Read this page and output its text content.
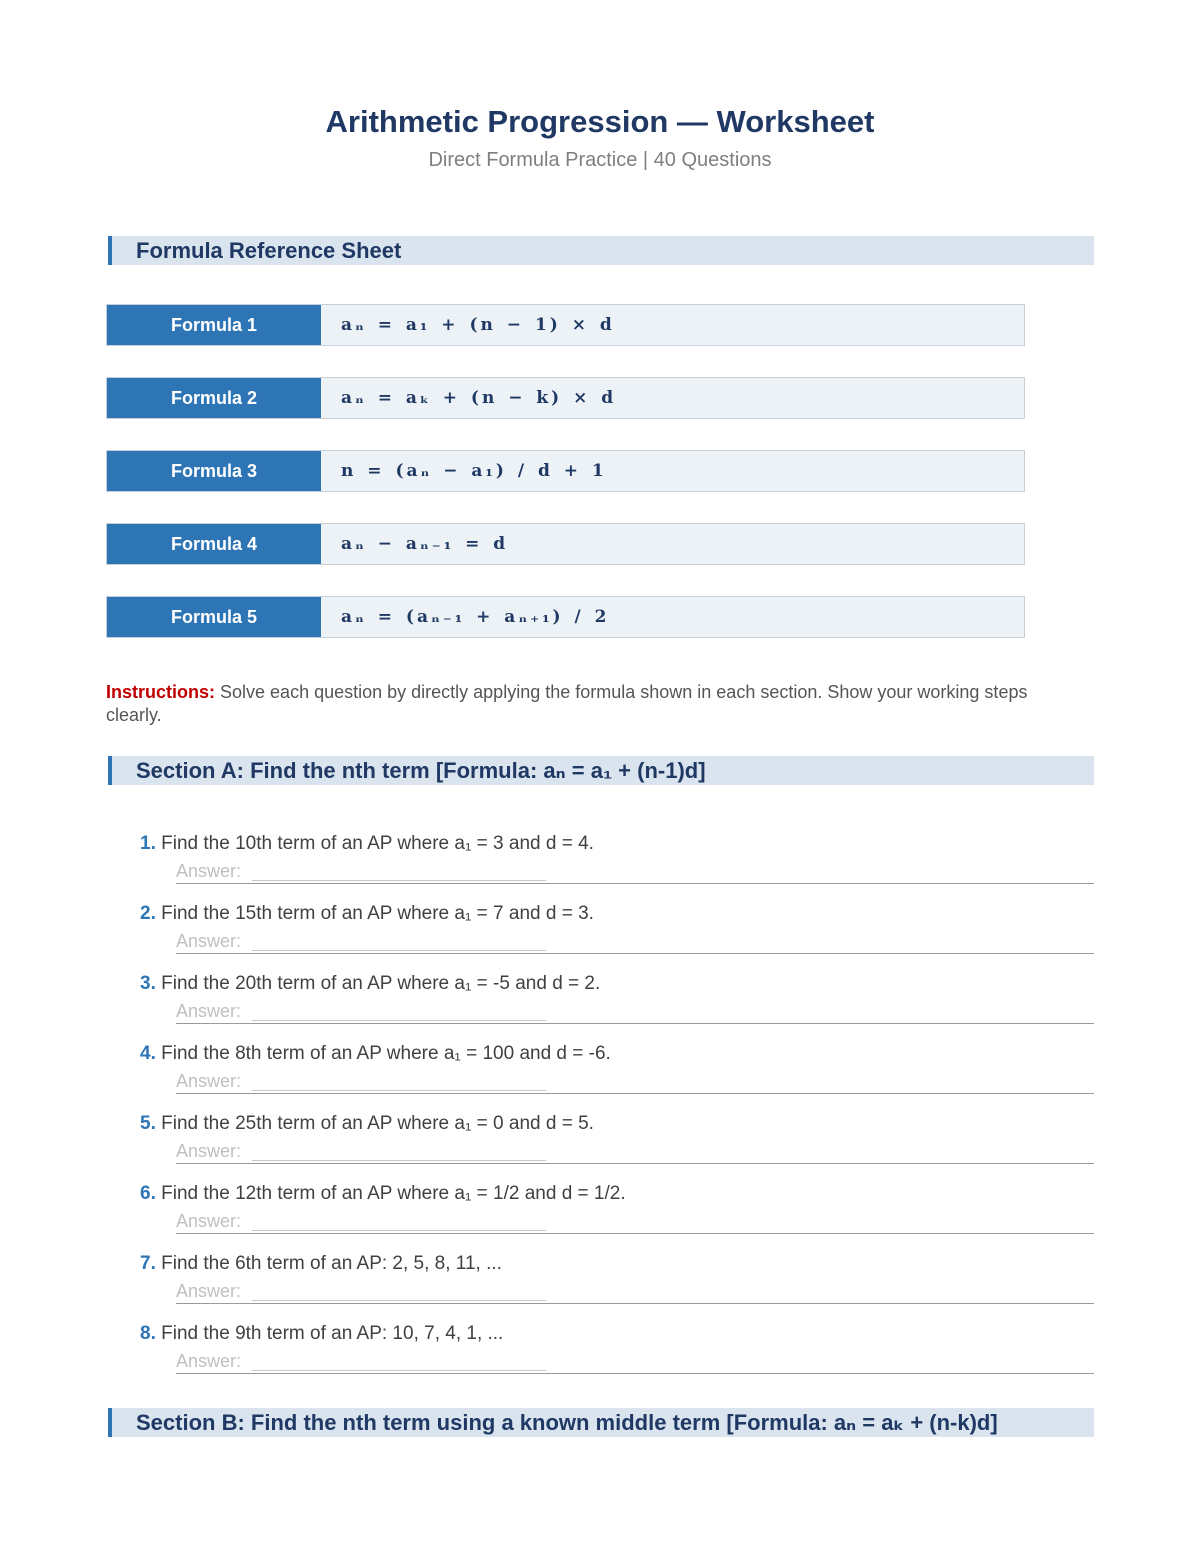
Arithmetic Progression — Worksheet
Direct Formula Practice | 40 Questions
Formula Reference Sheet
Formula 1	aₙ = a₁ + (n − 1) × d
Formula 2	aₙ = aₖ + (n − k) × d
Formula 3	n = (aₙ − a₁) / d + 1
Formula 4	aₙ − aₙ₋₁ = d
Formula 5	aₙ = (aₙ₋₁ + aₙ₊₁) / 2
Instructions: Solve each question by directly applying the formula shown in each section. Show your working steps clearly.
Section A: Find the nth term [Formula: aₙ = a₁ + (n-1)d]
1. Find the 10th term of an AP where a₁ = 3 and d = 4.
Answer:
2. Find the 15th term of an AP where a₁ = 7 and d = 3.
Answer:
3. Find the 20th term of an AP where a₁ = -5 and d = 2.
Answer:
4. Find the 8th term of an AP where a₁ = 100 and d = -6.
Answer:
5. Find the 25th term of an AP where a₁ = 0 and d = 5.
Answer:
6. Find the 12th term of an AP where a₁ = 1/2 and d = 1/2.
Answer:
7. Find the 6th term of an AP: 2, 5, 8, 11, ...
Answer:
8. Find the 9th term of an AP: 10, 7, 4, 1, ...
Answer:
Section B: Find the nth term using a known middle term [Formula: aₙ = aₖ + (n-k)d]
